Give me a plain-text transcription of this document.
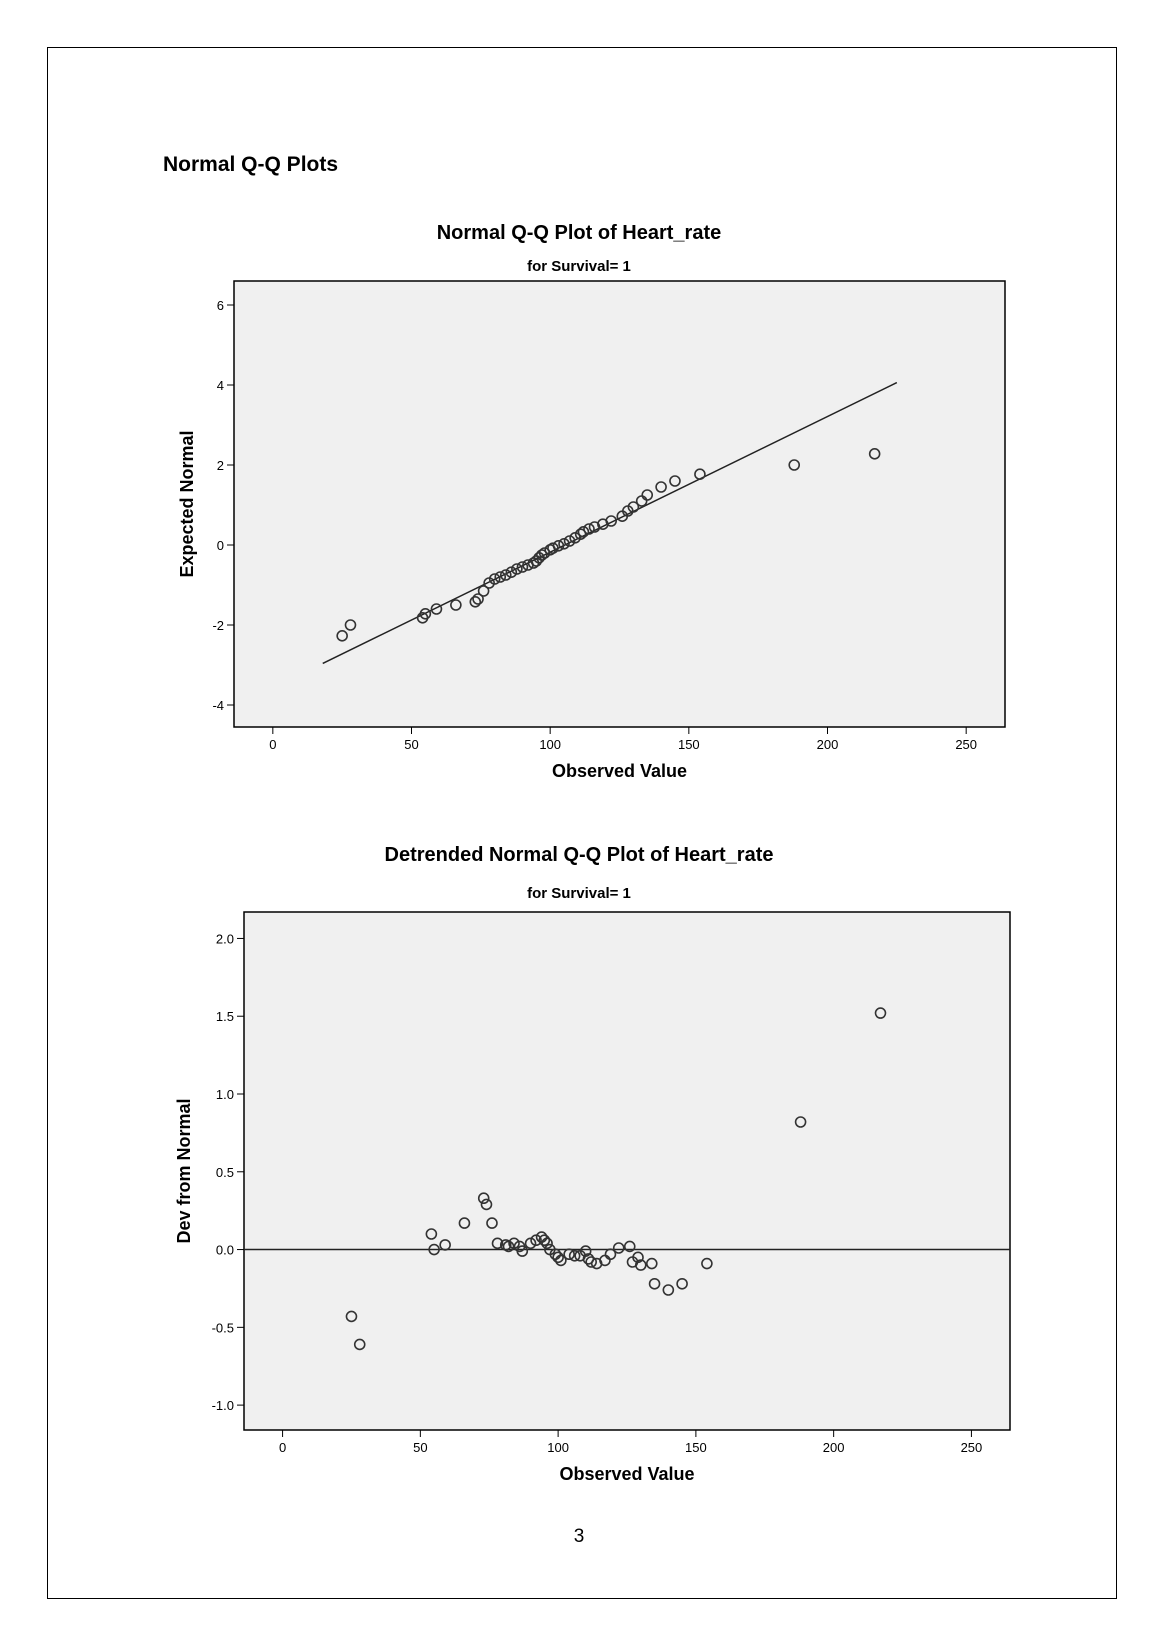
Normal Q-Q Plots
Normal Q-Q Plot of Heart_rate
for Survival= 1
-4
-2
0
2
4
6
0	50	100	150	200	250
Observed Value
Expected Normal
Detrended Normal Q-Q Plot of Heart_rate
for Survival= 1
-1.0
-0.5
0.0
0.5
1.0
1.5
2.0
0	50	100	150	200	250
Observed Value
Dev from Normal
3
